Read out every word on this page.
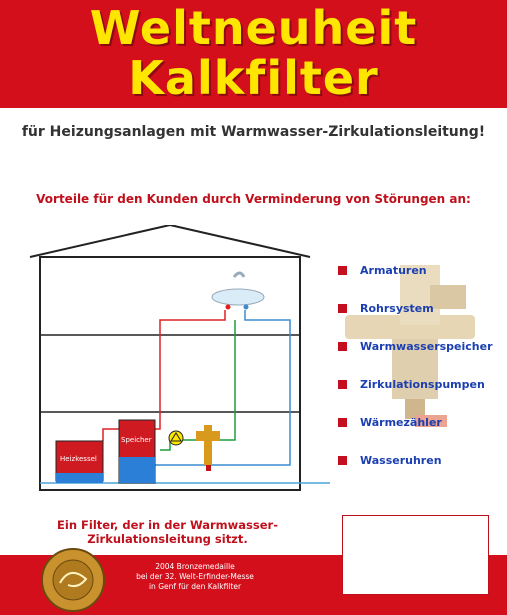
Weltneuheit
Kalkfilter
für Heizungsanlagen mit Warmwasser-Zirkulationsleitung!
Vorteile für den Kunden durch Verminderung von Störungen an:
Heizkessel
Speicher
Armaturen
Rohrsystem
Warmwasserspeicher
Zirkulationspumpen
Wärmezähler
Wasseruhren
Ein Filter, der in der Warmwasser-Zirkulationsleitung sitzt.
2004 Bronzemedaille
bei der 32. Welt-Erfinder-Messe
in Genf für den Kalkfilter
